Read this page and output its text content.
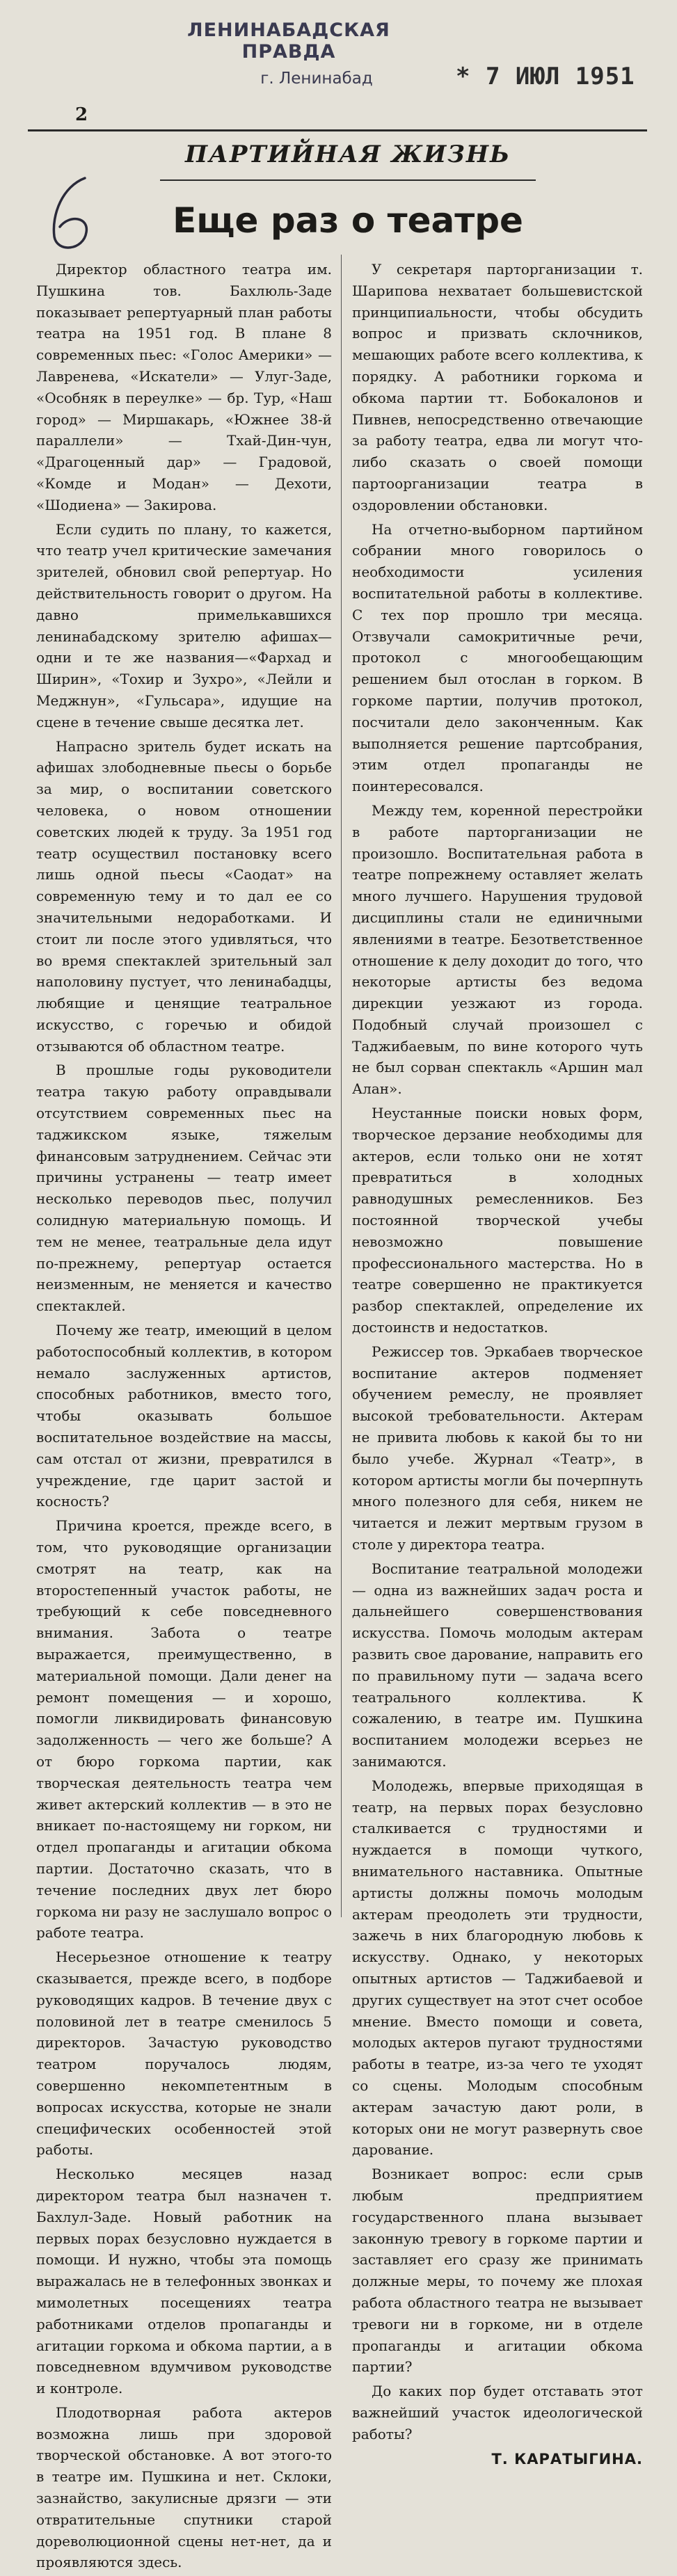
ЛЕНИНАБАДСКАЯ ПРАВДА
г. Ленинабад	* 7 ИЮЛ 1951
2
ПАРТИЙНАЯ ЖИЗНЬ
Еще раз о театре

Директор областного театра им. Пушкина тов. Бахлюль-Заде показывает репертуарный план работы театра на 1951 год. В плане 8 современных пьес: «Голос Америки» — Лавренева, «Искатели» — Улуг-Заде, «Особняк в переулке» — бр. Тур, «Наш город» — Миршакарь, «Южнее 38-й параллели» — Тхай-Дин-чун, «Драгоценный дар» — Градовой, «Комде и Модан» — Дехоти, «Шодиена» — Закирова.

Если судить по плану, то кажется, что театр учел критические замечания зрителей, обновил свой репертуар. Но действительность говорит о другом. На давно примелькавшихся ленинабадскому зрителю афишах—одни и те же названия—«Фархад и Ширин», «Тохир и Зухро», «Лейли и Меджнун», «Гульсара», идущие на сцене в течение свыше десятка лет.

Напрасно зритель будет искать на афишах злободневные пьесы о борьбе за мир, о воспитании советского человека, о новом отношении советских людей к труду. За 1951 год театр осуществил постановку всего лишь одной пьесы «Саодат» на современную тему и то дал ее со значительными недоработками. И стоит ли после этого удивляться, что во время спектаклей зрительный зал наполовину пустует, что ленинабадцы, любящие и ценящие театральное искусство, с горечью и обидой отзываются об областном театре.

В прошлые годы руководители театра такую работу оправдывали отсутствием современных пьес на таджикском языке, тяжелым финансовым затруднением. Сейчас эти причины устранены — театр имеет несколько переводов пьес, получил солидную материальную помощь. И тем не менее, театральные дела идут по-прежнему, репертуар остается неизменным, не меняется и качество спектаклей.

Почему же театр, имеющий в целом работоспособный коллектив, в котором немало заслуженных артистов, способных работников, вместо того, чтобы оказывать большое воспитательное воздействие на массы, сам отстал от жизни, превратился в учреждение, где царит застой и косность?

Причина кроется, прежде всего, в том, что руководящие организации смотрят на театр, как на второстепенный участок работы, не требующий к себе повседневного внимания. Забота о театре выражается, преимущественно, в материальной помощи. Дали денег на ремонт помещения — и хорошо, помогли ликвидировать финансовую задолженность — чего же больше? А от бюро горкома партии, как творческая деятельность театра чем живет актерский коллектив — в это не вникает по-настоящему ни горком, ни отдел пропаганды и агитации обкома партии. Достаточно сказать, что в течение последних двух лет бюро горкома ни разу не заслушало вопрос о работе театра.

Несерьезное отношение к театру сказывается, прежде всего, в подборе руководящих кадров. В течение двух с половиной лет в театре сменилось 5 директоров. Зачастую руководство театром поручалось людям, совершенно некомпетентным в вопросах искусства, которые не знали специфических особенностей этой работы.

Несколько месяцев назад директором театра был назначен т. Бахлул-Заде. Новый работник на первых порах безусловно нуждается в помощи. И нужно, чтобы эта помощь выражалась не в телефонных звонках и мимолетных посещениях театра работниками отделов пропаганды и агитации горкома и обкома партии, а в повседневном вдумчивом руководстве и контроле.

Плодотворная работа актеров возможна лишь при здоровой творческой обстановке. А вот этого-то в театре им. Пушкина и нет. Склоки, зазнайство, закулисные дрязги — эти отвратительные спутники старой дореволюционной сцены нет-нет, да и проявляются здесь.

У секретаря парторганизации т. Шарипова нехватает большевистской принципиальности, чтобы обсудить вопрос и призвать склочников, мешающих работе всего коллектива, к порядку. А работники горкома и обкома партии тт. Бобокалонов и Пивнев, непосредственно отвечающие за работу театра, едва ли могут что-либо сказать о своей помощи партоорганизации театра в оздоровлении обстановки.

На отчетно-выборном партийном собрании много говорилось о необходимости усиления воспитательной работы в коллективе. С тех пор прошло три месяца. Отзвучали самокритичные речи, протокол с многообещающим решением был отослан в горком. В горкоме партии, получив протокол, посчитали дело законченным. Как выполняется решение партсобрания, этим отдел пропаганды не поинтересовался.

Между тем, коренной перестройки в работе парторганизации не произошло. Воспитательная работа в театре попрежнему оставляет желать много лучшего. Нарушения трудовой дисциплины стали не единичными явлениями в театре. Безответственное отношение к делу доходит до того, что некоторые артисты без ведома дирекции уезжают из города. Подобный случай произошел с Таджибаевым, по вине которого чуть не был сорван спектакль «Аршин мал Алан».

Неустанные поиски новых форм, творческое дерзание необходимы для актеров, если только они не хотят превратиться в холодных равнодушных ремесленников. Без постоянной творческой учебы невозможно повышение профессионального мастерства. Но в театре совершенно не практикуется разбор спектаклей, определение их достоинств и недостатков.

Режиссер тов. Эркабаев творческое воспитание актеров подменяет обучением ремеслу, не проявляет высокой требовательности. Актерам не привита любовь к какой бы то ни было учебе. Журнал «Театр», в котором артисты могли бы почерпнуть много полезного для себя, никем не читается и лежит мертвым грузом в столе у директора театра.

Воспитание театральной молодежи — одна из важнейших задач роста и дальнейшего совершенствования искусства. Помочь молодым актерам развить свое дарование, направить его по правильному пути — задача всего театрального коллектива. К сожалению, в театре им. Пушкина воспитанием молодежи всерьез не занимаются.

Молодежь, впервые приходящая в театр, на первых порах безусловно сталкивается с трудностями и нуждается в помощи чуткого, внимательного наставника. Опытные артисты должны помочь молодым актерам преодолеть эти трудности, зажечь в них благородную любовь к искусству. Однако, у некоторых опытных артистов — Таджибаевой и других существует на этот счет особое мнение. Вместо помощи и совета, молодых актеров пугают трудностями работы в театре, из-за чего те уходят со сцены. Молодым способным актерам зачастую дают роли, в которых они не могут развернуть свое дарование.

Возникает вопрос: если срыв любым предприятием государственного плана вызывает законную тревогу в горкоме партии и заставляет его сразу же принимать должные меры, то почему же плохая работа областного театра не вызывает тревоги ни в горкоме, ни в отделе пропаганды и агитации обкома партии?

До каких пор будет отставать этот важнейший участок идеологической работы?

Т. КАРАТЫГИНА.
